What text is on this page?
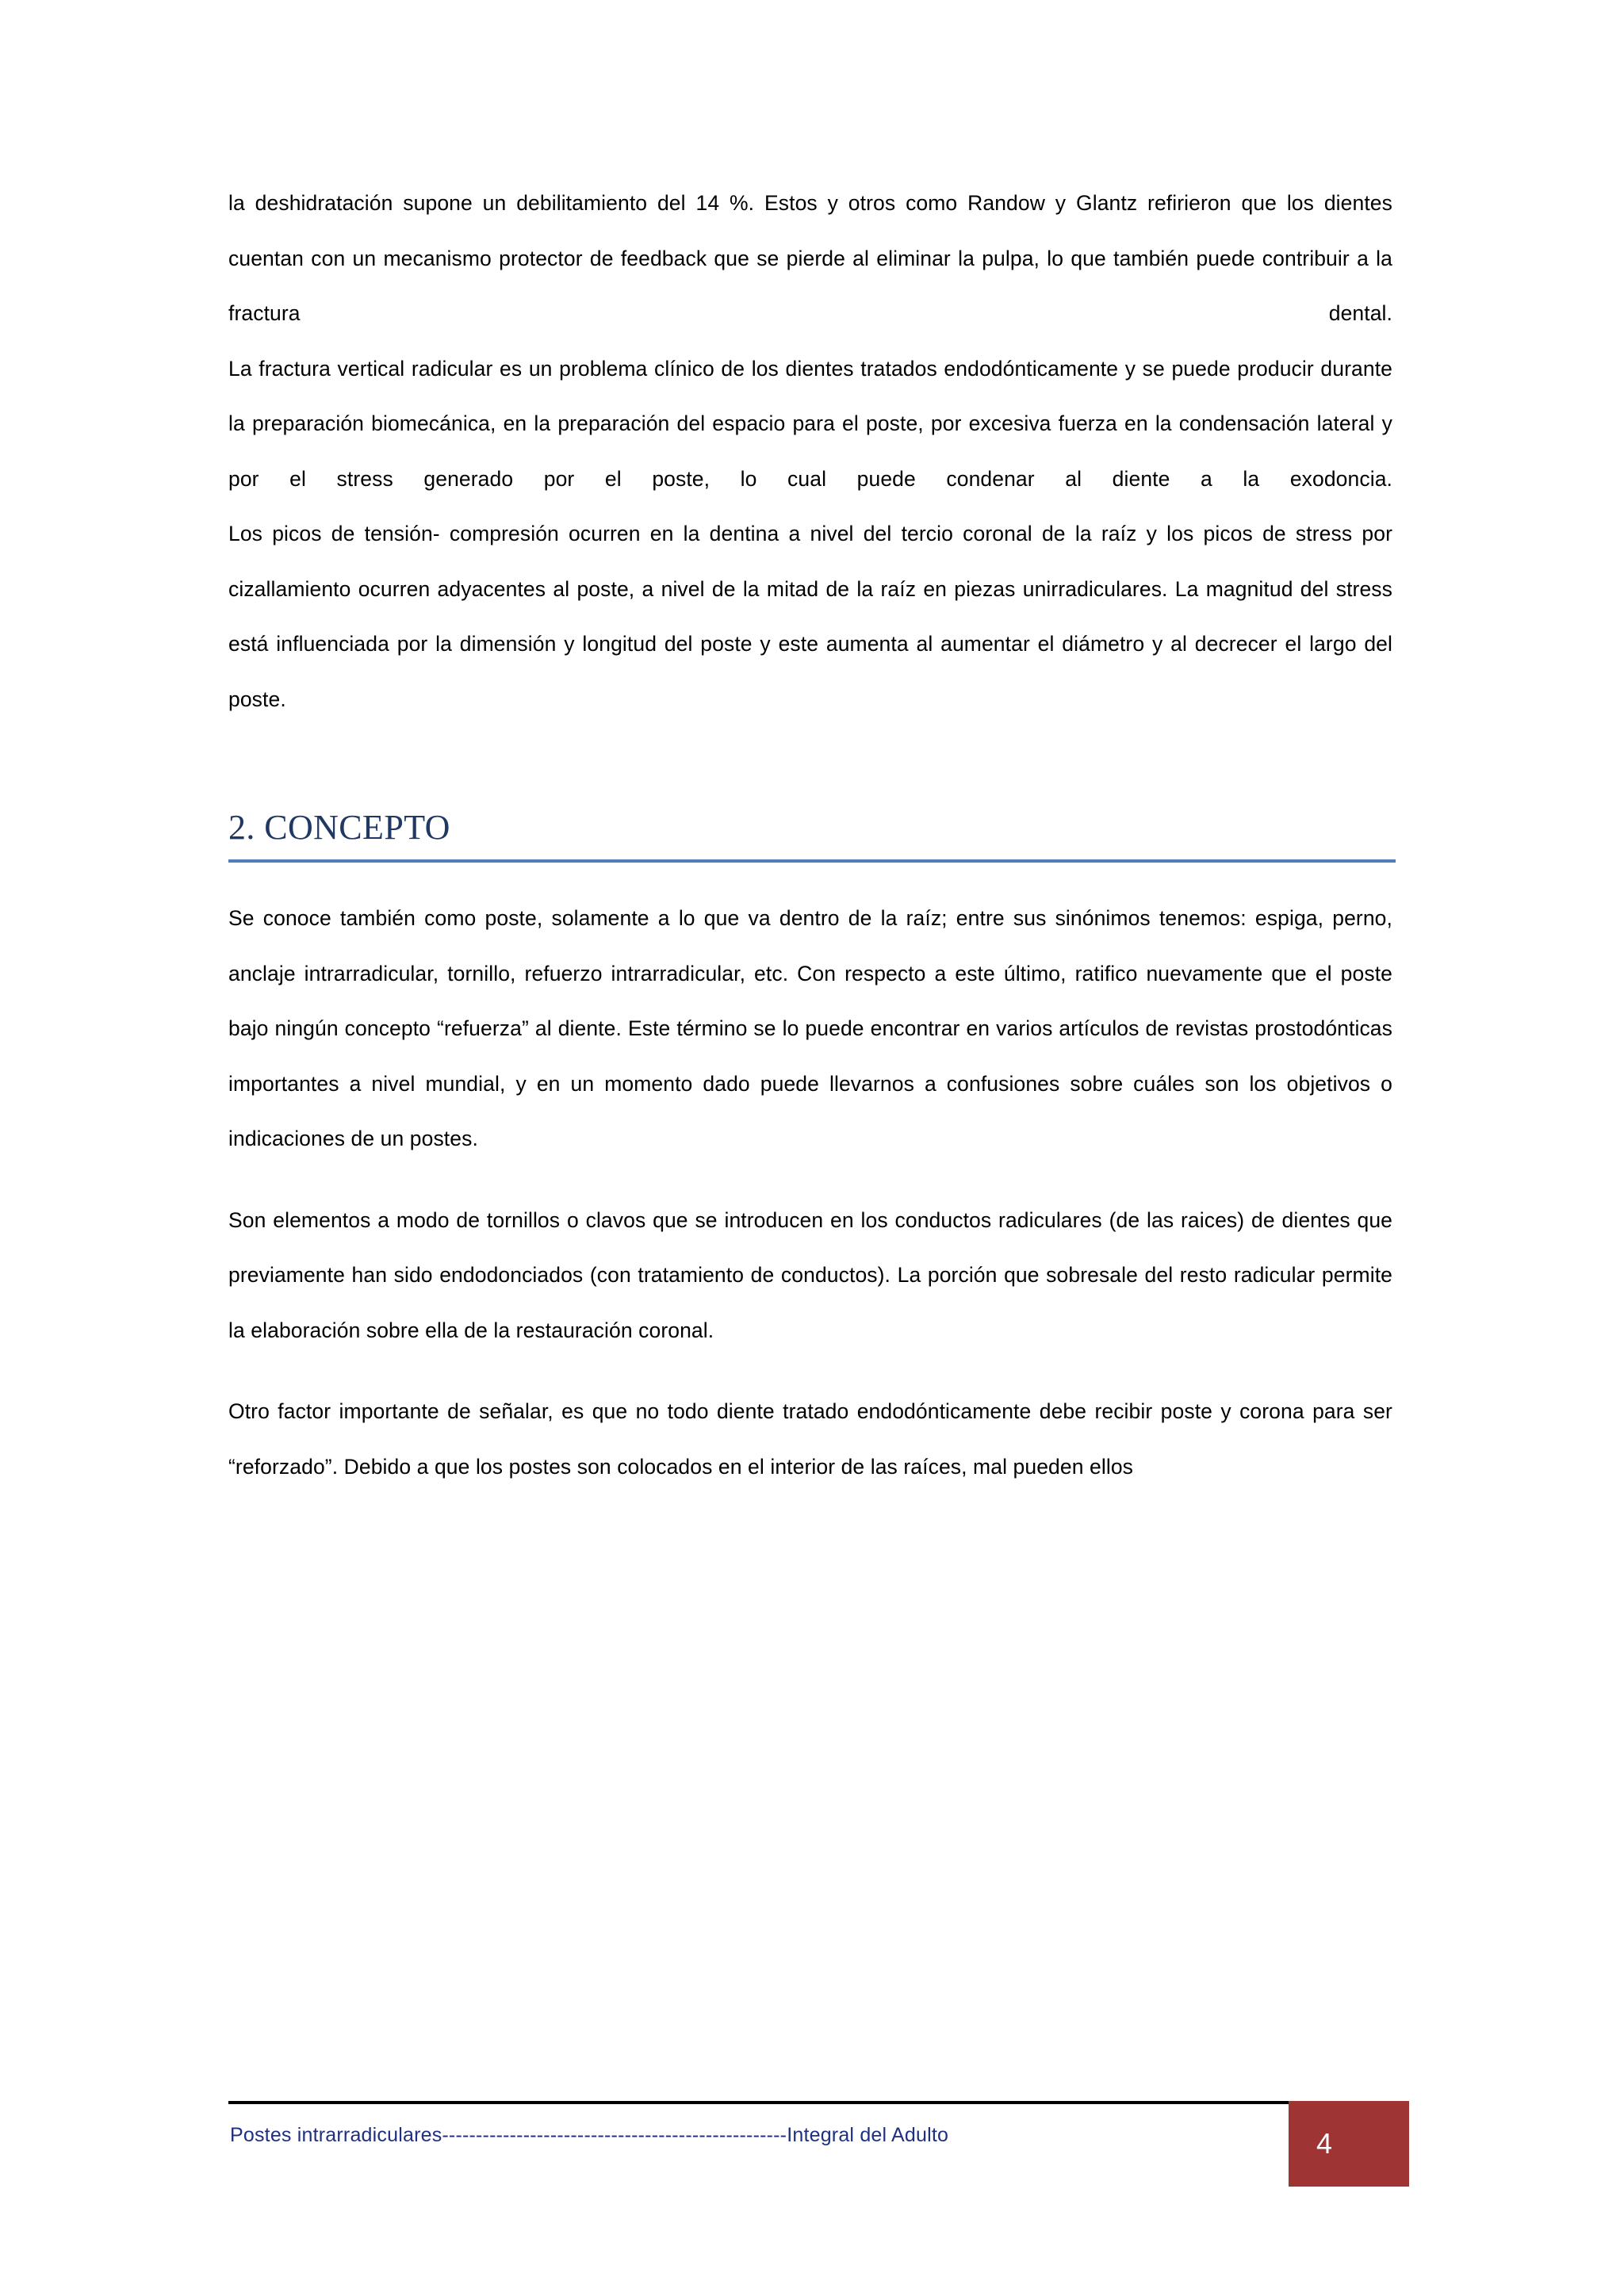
la deshidratación supone un debilitamiento del 14 %. Estos y otros como Randow y Glantz refirieron que los dientes cuentan con un mecanismo protector de feedback que se pierde al eliminar la pulpa, lo que también puede contribuir a la fractura dental.

La fractura vertical radicular es un problema clínico de los dientes tratados endodónticamente y se puede producir durante la preparación biomecánica, en la preparación del espacio para el poste, por excesiva fuerza en la condensación lateral y por el stress generado por el poste, lo cual puede condenar al diente a la exodoncia.

Los picos de tensión- compresión ocurren en la dentina a nivel del tercio coronal de la raíz y los picos de stress por cizallamiento ocurren adyacentes al poste, a nivel de la mitad de la raíz en piezas unirradiculares. La magnitud del stress está influenciada por la dimensión y longitud del poste y este aumenta al aumentar el diámetro y al decrecer el largo del poste.

2. CONCEPTO

Se conoce también como poste, solamente a lo que va dentro de la raíz; entre sus sinónimos tenemos: espiga, perno, anclaje intrarradicular, tornillo, refuerzo intrarradicular, etc. Con respecto a este último, ratifico nuevamente que el poste bajo ningún concepto “refuerza” al diente. Este término se lo puede encontrar en varios artículos de revistas prostodónticas importantes a nivel mundial, y en un momento dado puede llevarnos a confusiones sobre cuáles son los objetivos o indicaciones de un postes.

Son elementos a modo de tornillos o clavos que se introducen en los conductos radiculares (de las raices) de dientes que previamente han sido endodonciados (con tratamiento de conductos). La porción que sobresale del resto radicular permite la elaboración sobre ella de la restauración coronal.

Otro factor importante de señalar, es que no todo diente tratado endodónticamente debe recibir poste y corona para ser “reforzado”. Debido a que los postes son colocados en el interior de las raíces, mal pueden ellos

Postes intrarradiculares---------------------------------------------------Integral del Adulto	4
